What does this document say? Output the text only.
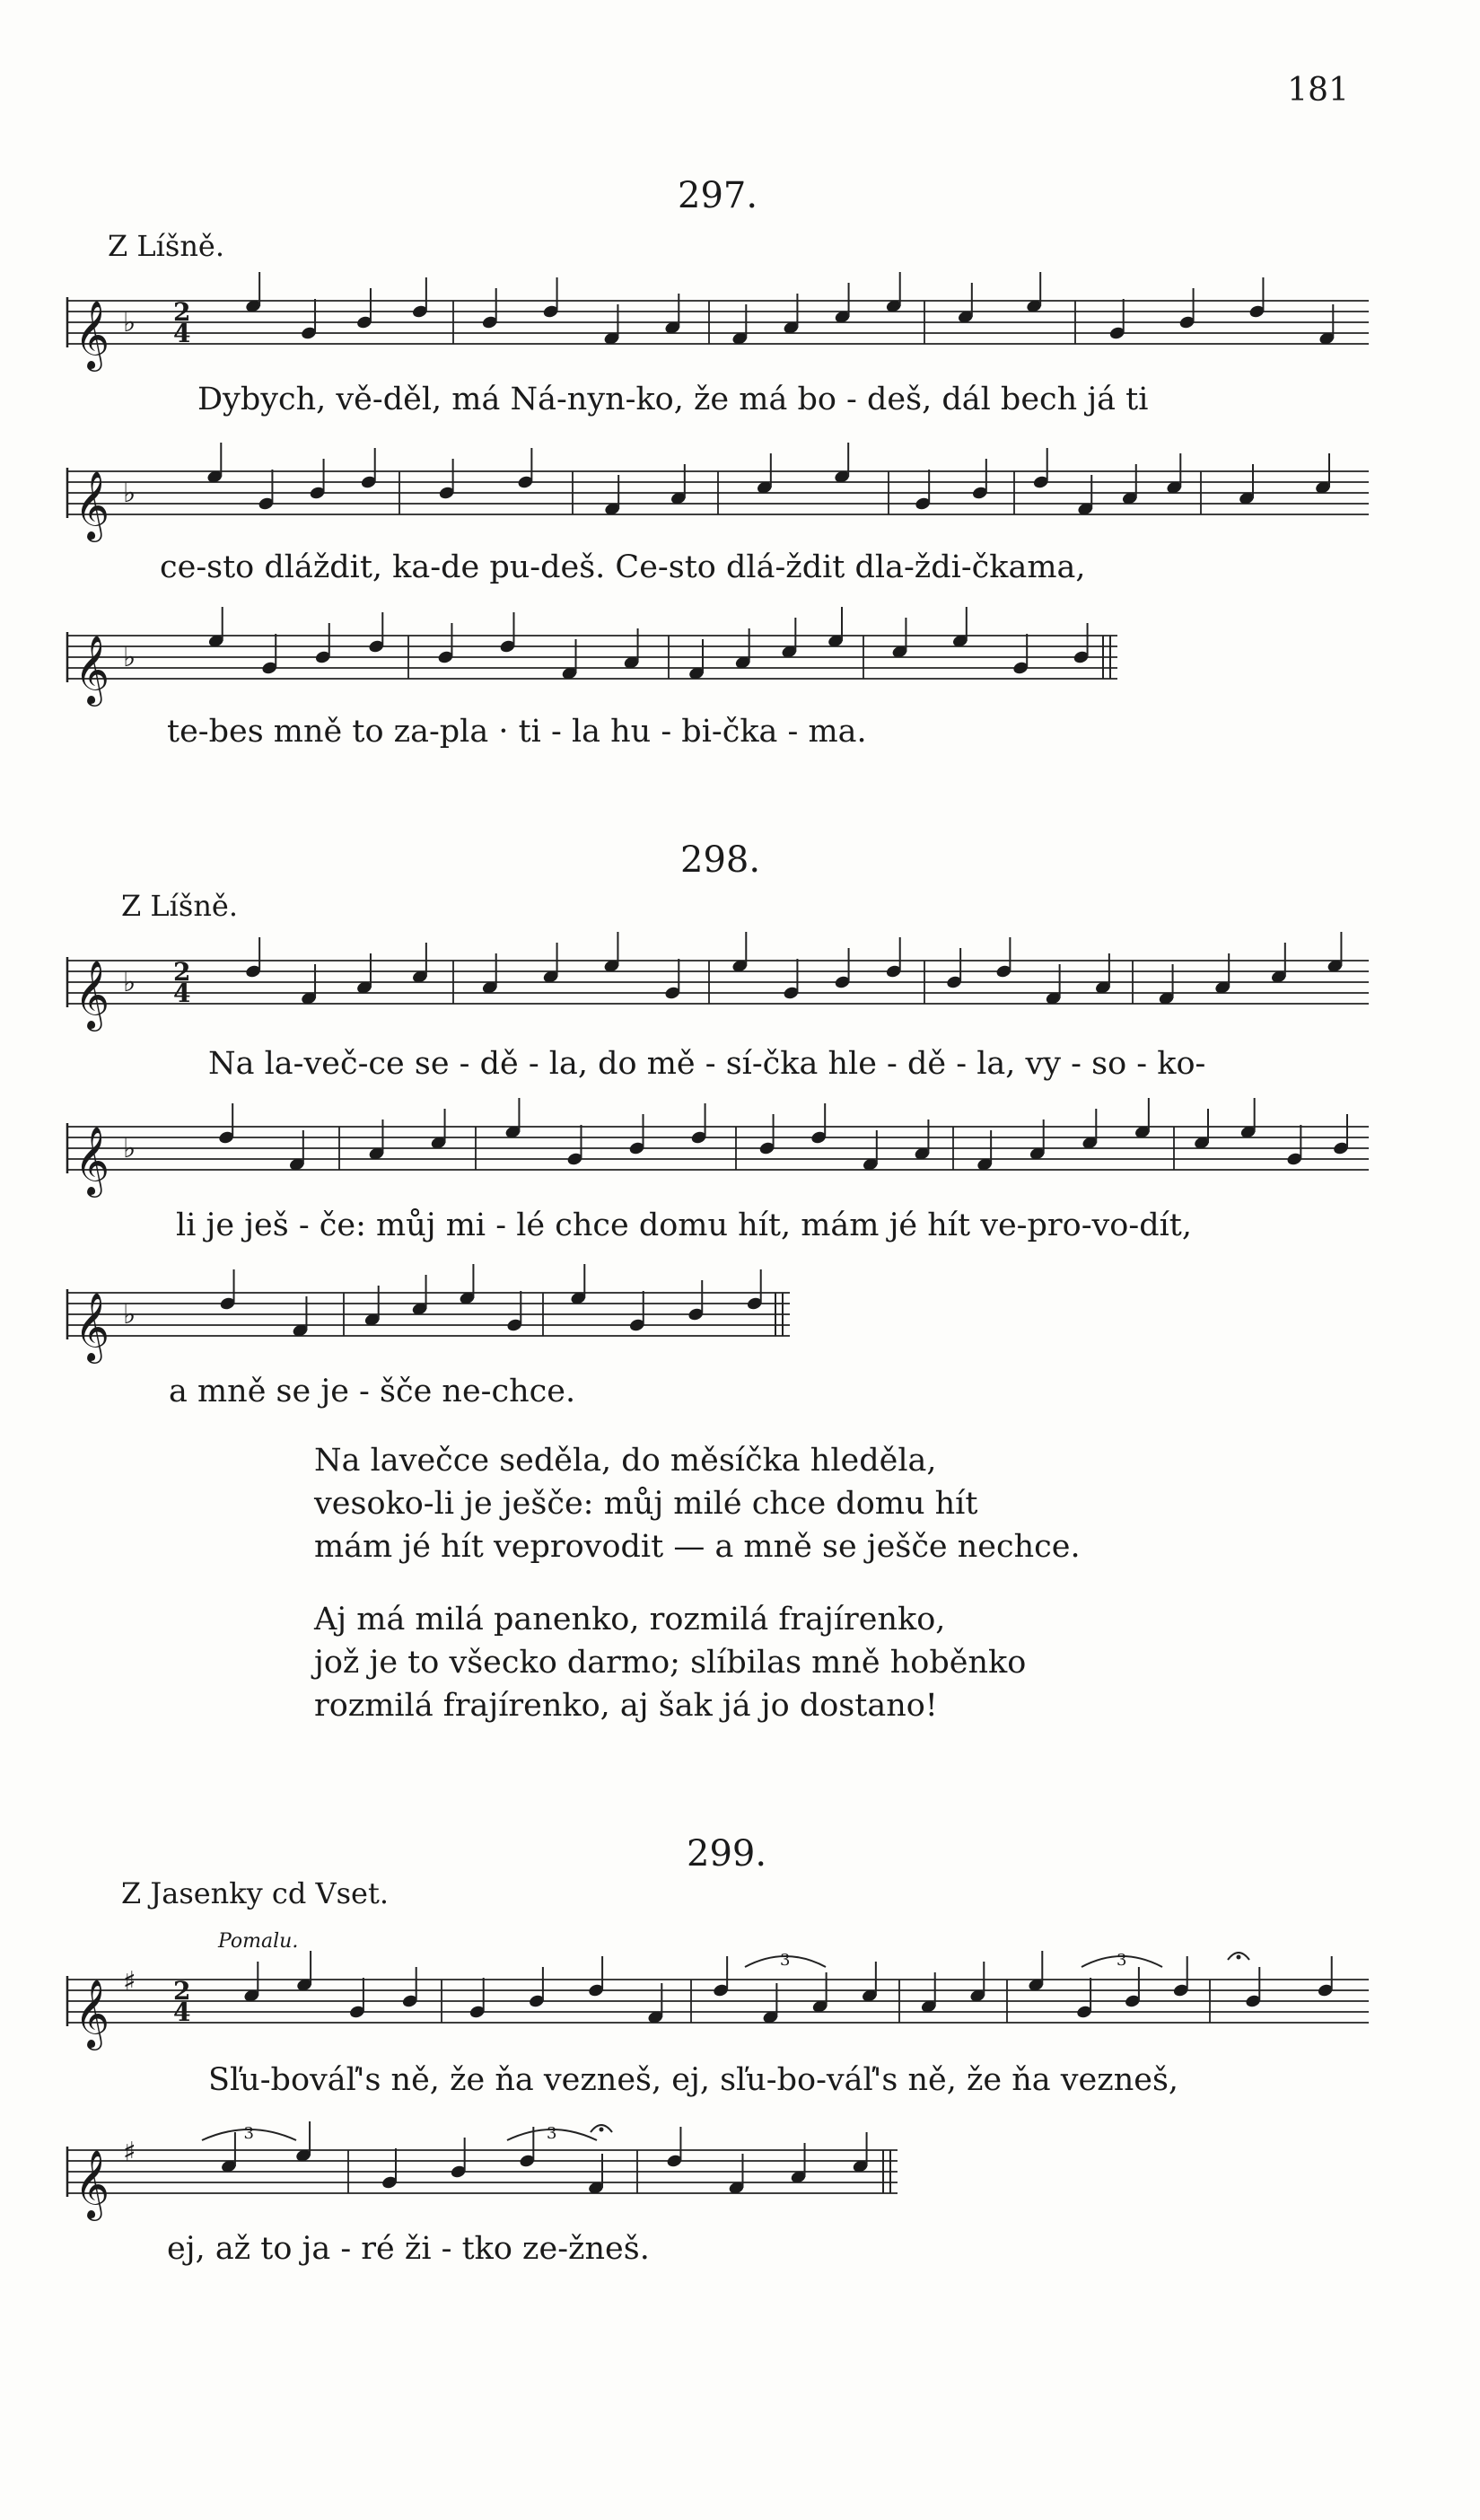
181
297.
Z Líšně.
𝄞 ♭ 2
4
𝄞 ♭
𝄞 ♭
𝄞 ♭ 2
4
𝄞 ♭
𝄞 ♭
𝄞 ♯ 2
4
𝄞 ♯
3	3
3	3
Dybych, vě-děl, má Ná-nyn-ko, že má bo - deš, dál bech já ti
ce-sto dláždit, ka-de pu-deš. Ce-sto dlá-ždit dla-ždi-čkama,
te-bes mně to za-pla · ti - la hu - bi-čka - ma.
298.
Z Líšně.
Na la-več-ce se - dě - la, do mě - sí-čka hle - dě - la, vy - so - ko-
li je ješ - če: můj mi - lé chce domu hít, mám jé hít ve-pro-vo-dít,
a mně se je - šče ne-chce.
Na lavečce seděla, do měsíčka hleděla,
vesoko-li je ješče: můj milé chce domu hít
mám jé hít veprovodit — a mně se ješče nechce.
Aj má milá panenko, rozmilá frajírenko,
jož je to všecko darmo; slíbilas mně hoběnko
rozmilá frajírenko, aj šak já jo dostano!
299.
Z Jasenky cd Vset.
Pomalu.
Sľu-bováľ's ně, že ňa vezneš, ej, sľu-bo-váľ's ně, že ňa vezneš,
ej, až to ja - ré ži - tko ze-žneš.
